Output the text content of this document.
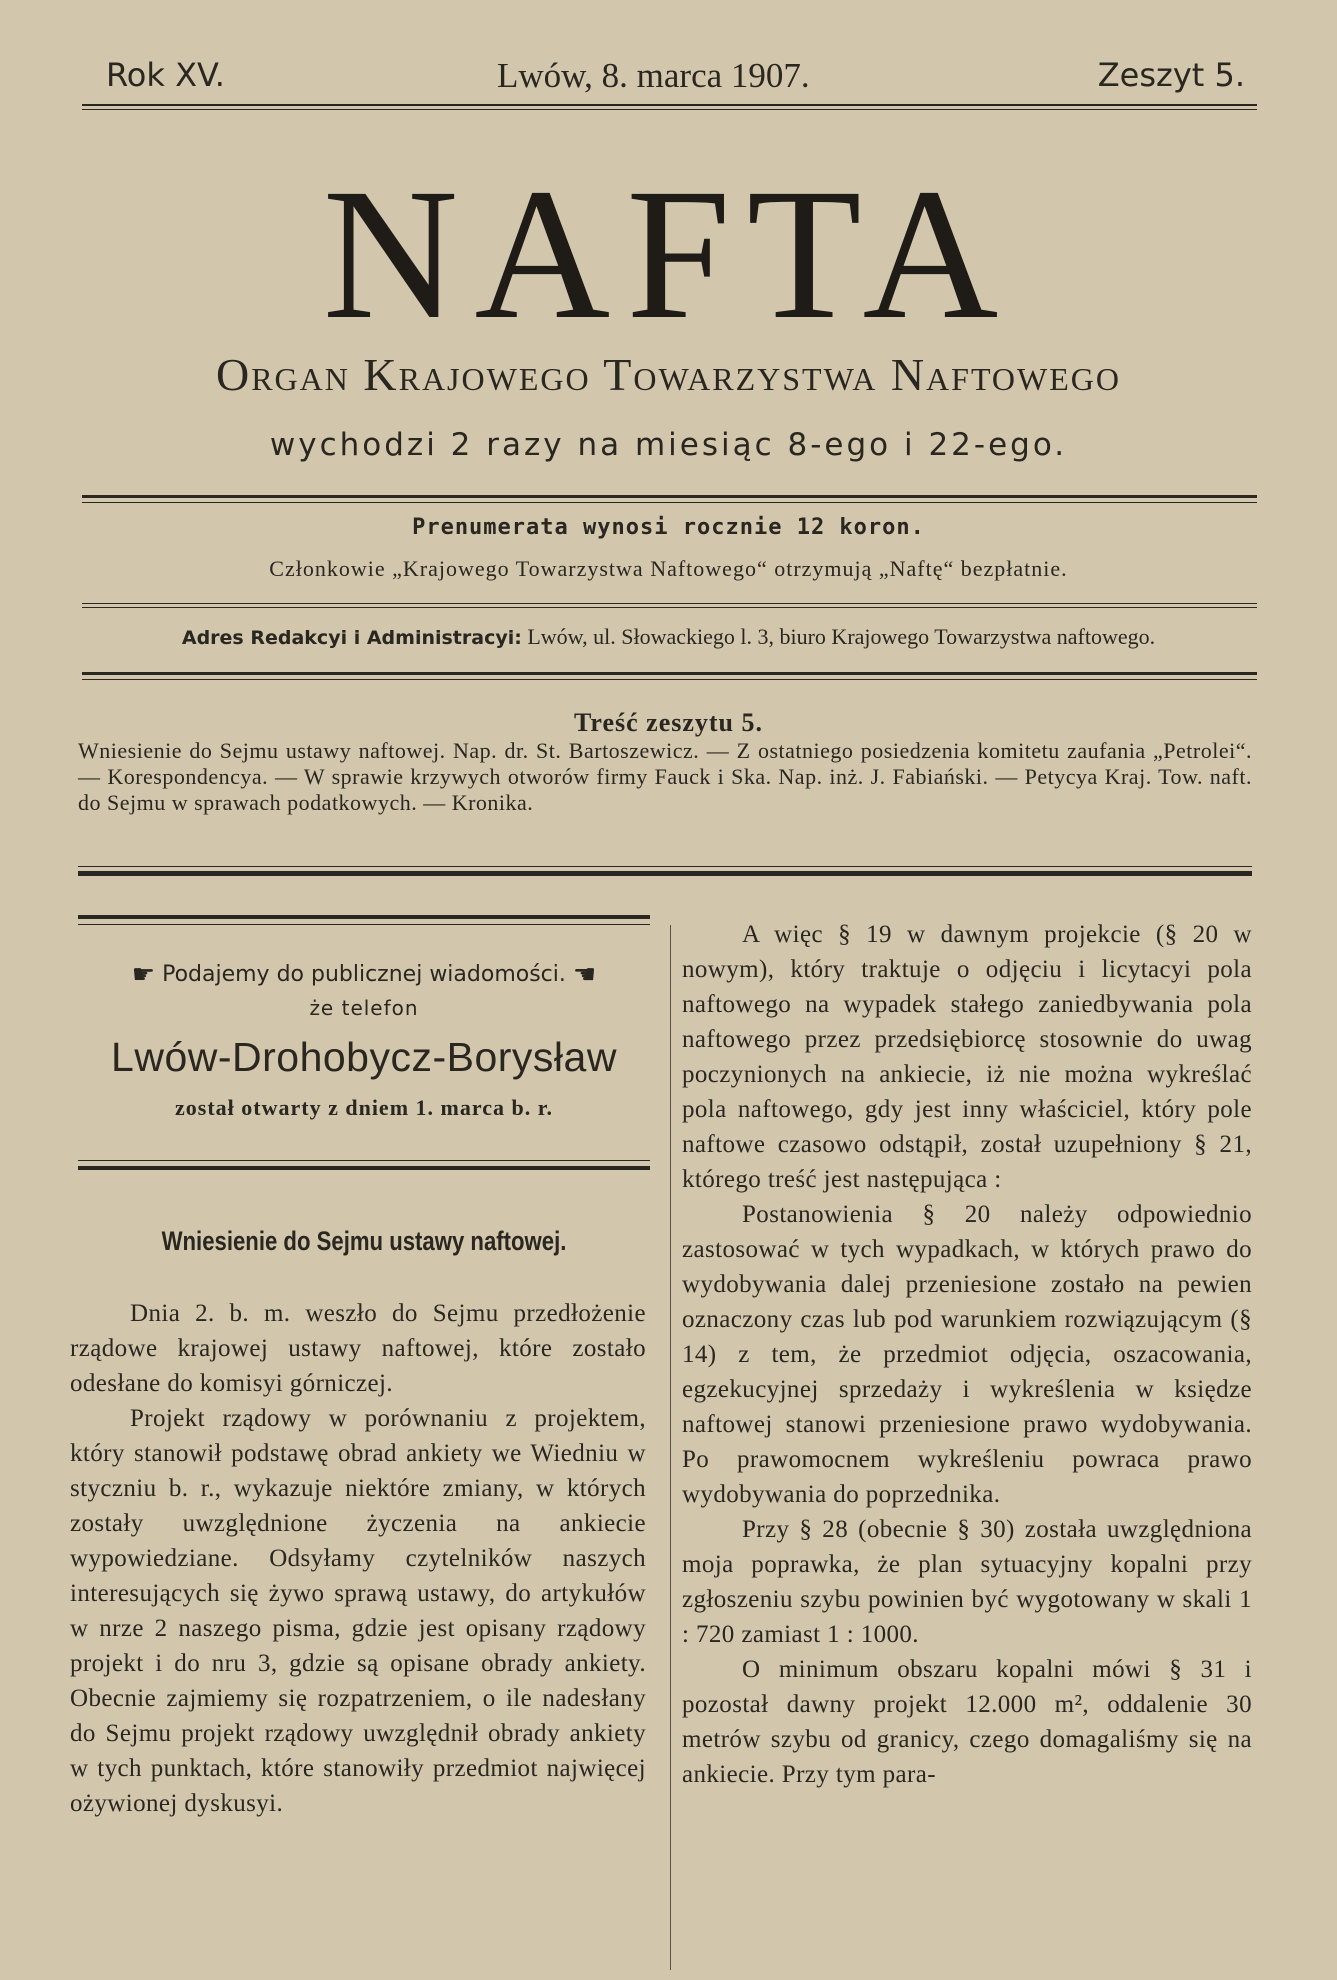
Rok XV.	Lwów, 8. marca 1907.	Zeszyt 5.
NAFTA
Organ Krajowego Towarzystwa Naftowego
wychodzi 2 razy na miesiąc 8-ego i 22-ego.
Prenumerata wynosi rocznie 12 koron.
Członkowie „Krajowego Towarzystwa Naftowego“ otrzymują „Naftę“ bezpłatnie.
Adres Redakcyi i Administracyi: Lwów, ul. Słowackiego l. 3, biuro Krajowego Towarzystwa naftowego.
Treść zeszytu 5.
Wniesienie do Sejmu ustawy naftowej. Nap. dr. St. Bartoszewicz. — Z ostatniego posiedzenia komitetu zaufania „Petrolei“. — Korespondencya. — W sprawie krzywych otworów firmy Fauck i Ska. Nap. inż. J. Fabiański. — Petycya Kraj. Tow. naft. do Sejmu w sprawach podatkowych. — Kronika.
☛ Podajemy do publicznej wiadomości. ☚
że telefon
Lwów-Drohobycz-Borysław
został otwarty z dniem 1. marca b. r.
Wniesienie do Sejmu ustawy naftowej.

Dnia 2. b. m. weszło do Sejmu przedłożenie rządowe krajowej ustawy naftowej, które zostało odesłane do komisyi górniczej.

Projekt rządowy w porównaniu z projektem, który stanowił podstawę obrad ankiety we Wiedniu w styczniu b. r., wykazuje niektóre zmiany, w których zostały uwzględnione życzenia na ankiecie wypowiedziane. Odsyłamy czytelników naszych interesujących się żywo sprawą ustawy, do artykułów w nrze 2 naszego pisma, gdzie jest opisany rządowy projekt i do nru 3, gdzie są opisane obrady ankiety. Obecnie zajmiemy się rozpatrzeniem, o ile nadesłany do Sejmu projekt rządowy uwzględnił obrady ankiety w tych punktach, które stanowiły przedmiot najwięcej ożywionej dyskusyi.

A więc § 19 w dawnym projekcie (§ 20 w nowym), który traktuje o odjęciu i licytacyi pola naftowego na wypadek stałego zaniedbywania pola naftowego przez przedsiębiorcę stosownie do uwag poczynionych na ankiecie, iż nie można wykreślać pola naftowego, gdy jest inny właściciel, który pole naftowe czasowo odstąpił, został uzupełniony § 21, którego treść jest następująca :

Postanowienia § 20 należy odpowiednio zastosować w tych wypadkach, w których prawo do wydobywania dalej przeniesione zostało na pewien oznaczony czas lub pod warunkiem rozwiązującym (§ 14) z tem, że przedmiot odjęcia, oszacowania, egzekucyjnej sprzedaży i wykreślenia w księdze naftowej stanowi przeniesione prawo wydobywania. Po prawomocnem wykreśleniu powraca prawo wydobywania do poprzednika.

Przy § 28 (obecnie § 30) została uwzględniona moja poprawka, że plan sytuacyjny kopalni przy zgłoszeniu szybu powinien być wygotowany w skali 1 : 720 zamiast 1 : 1000.

O minimum obszaru kopalni mówi § 31 i pozostał dawny projekt 12.000 m², oddalenie 30 metrów szybu od granicy, czego domagaliśmy się na ankiecie. Przy tym para-
